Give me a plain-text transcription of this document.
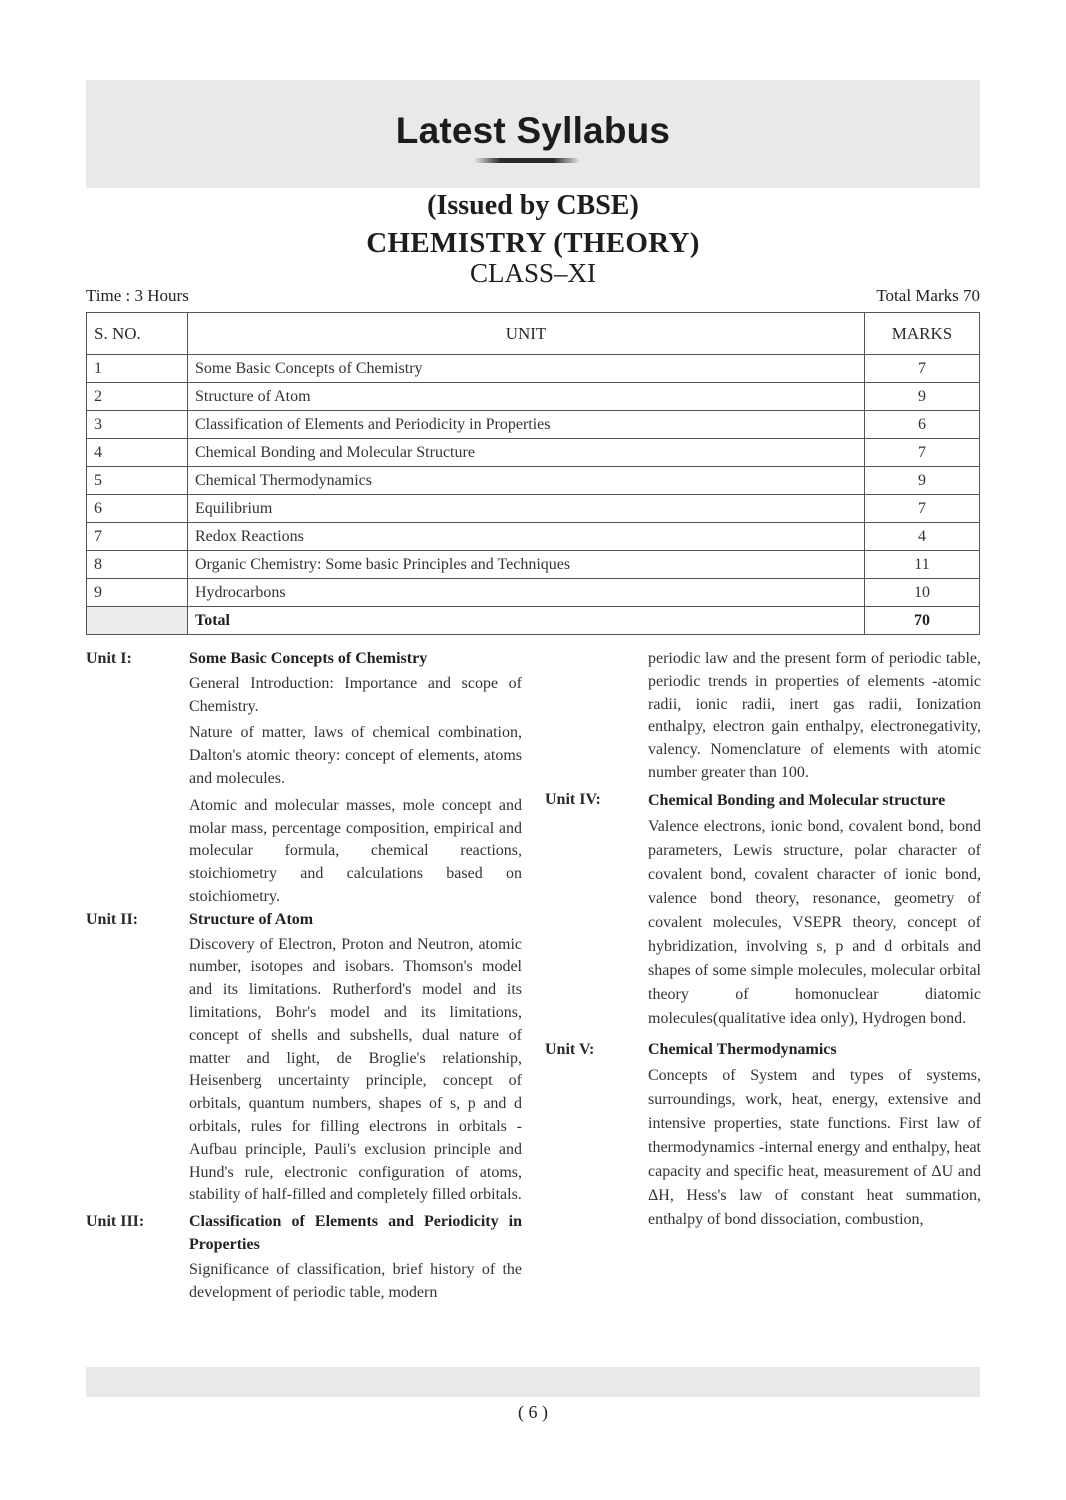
Latest Syllabus
(Issued by CBSE)
CHEMISTRY (THEORY)
CLASS–XI
Time : 3 Hours	Total Marks 70
S. NO.	UNIT	MARKS
1	Some Basic Concepts of Chemistry	7
2	Structure of Atom	9
3	Classification of Elements and Periodicity in Properties	6
4	Chemical Bonding and Molecular Structure	7
5	Chemical Thermodynamics	9
6	Equilibrium	7
7	Redox Reactions	4
8	Organic Chemistry: Some basic Principles and Techniques	11
9	Hydrocarbons	10
	Total	70
Unit I:	Some Basic Concepts of Chemistry
General Introduction: Importance and scope of Chemistry.
Nature of matter, laws of chemical combination, Dalton's atomic theory: concept of elements, atoms and molecules.
Atomic and molecular masses, mole concept and molar mass, percentage composition, empirical and molecular formula, chemical reactions, stoichiometry and calculations based on stoichiometry.
Unit II:	Structure of Atom
Discovery of Electron, Proton and Neutron, atomic number, isotopes and isobars. Thomson's model and its limitations. Rutherford's model and its limitations, Bohr's model and its limitations, concept of shells and subshells, dual nature of matter and light, de Broglie's relationship, Heisenberg uncertainty principle, concept of orbitals, quantum numbers, shapes of s, p and d orbitals, rules for filling electrons in orbitals - Aufbau principle, Pauli's exclusion principle and Hund's rule, electronic configuration of atoms, stability of half-filled and completely filled orbitals.
Unit III:	Classification of Elements and Periodicity in Properties
Significance of classification, brief history of the development of periodic table, modern
periodic law and the present form of periodic table, periodic trends in properties of elements -atomic radii, ionic radii, inert gas radii, Ionization enthalpy, electron gain enthalpy, electronegativity, valency. Nomenclature of elements with atomic number greater than 100.
Unit IV:	Chemical Bonding and Molecular structure
Valence electrons, ionic bond, covalent bond, bond parameters, Lewis structure, polar character of covalent bond, covalent character of ionic bond, valence bond theory, resonance, geometry of covalent molecules, VSEPR theory, concept of hybridization, involving s, p and d orbitals and shapes of some simple molecules, molecular orbital theory of homonuclear diatomic molecules(qualitative idea only), Hydrogen bond.
Unit V:	Chemical Thermodynamics
Concepts of System and types of systems, surroundings, work, heat, energy, extensive and intensive properties, state functions. First law of thermodynamics -internal energy and enthalpy, heat capacity and specific heat, measurement of ΔU and ΔH, Hess's law of constant heat summation, enthalpy of bond dissociation, combustion,
( 6 )
